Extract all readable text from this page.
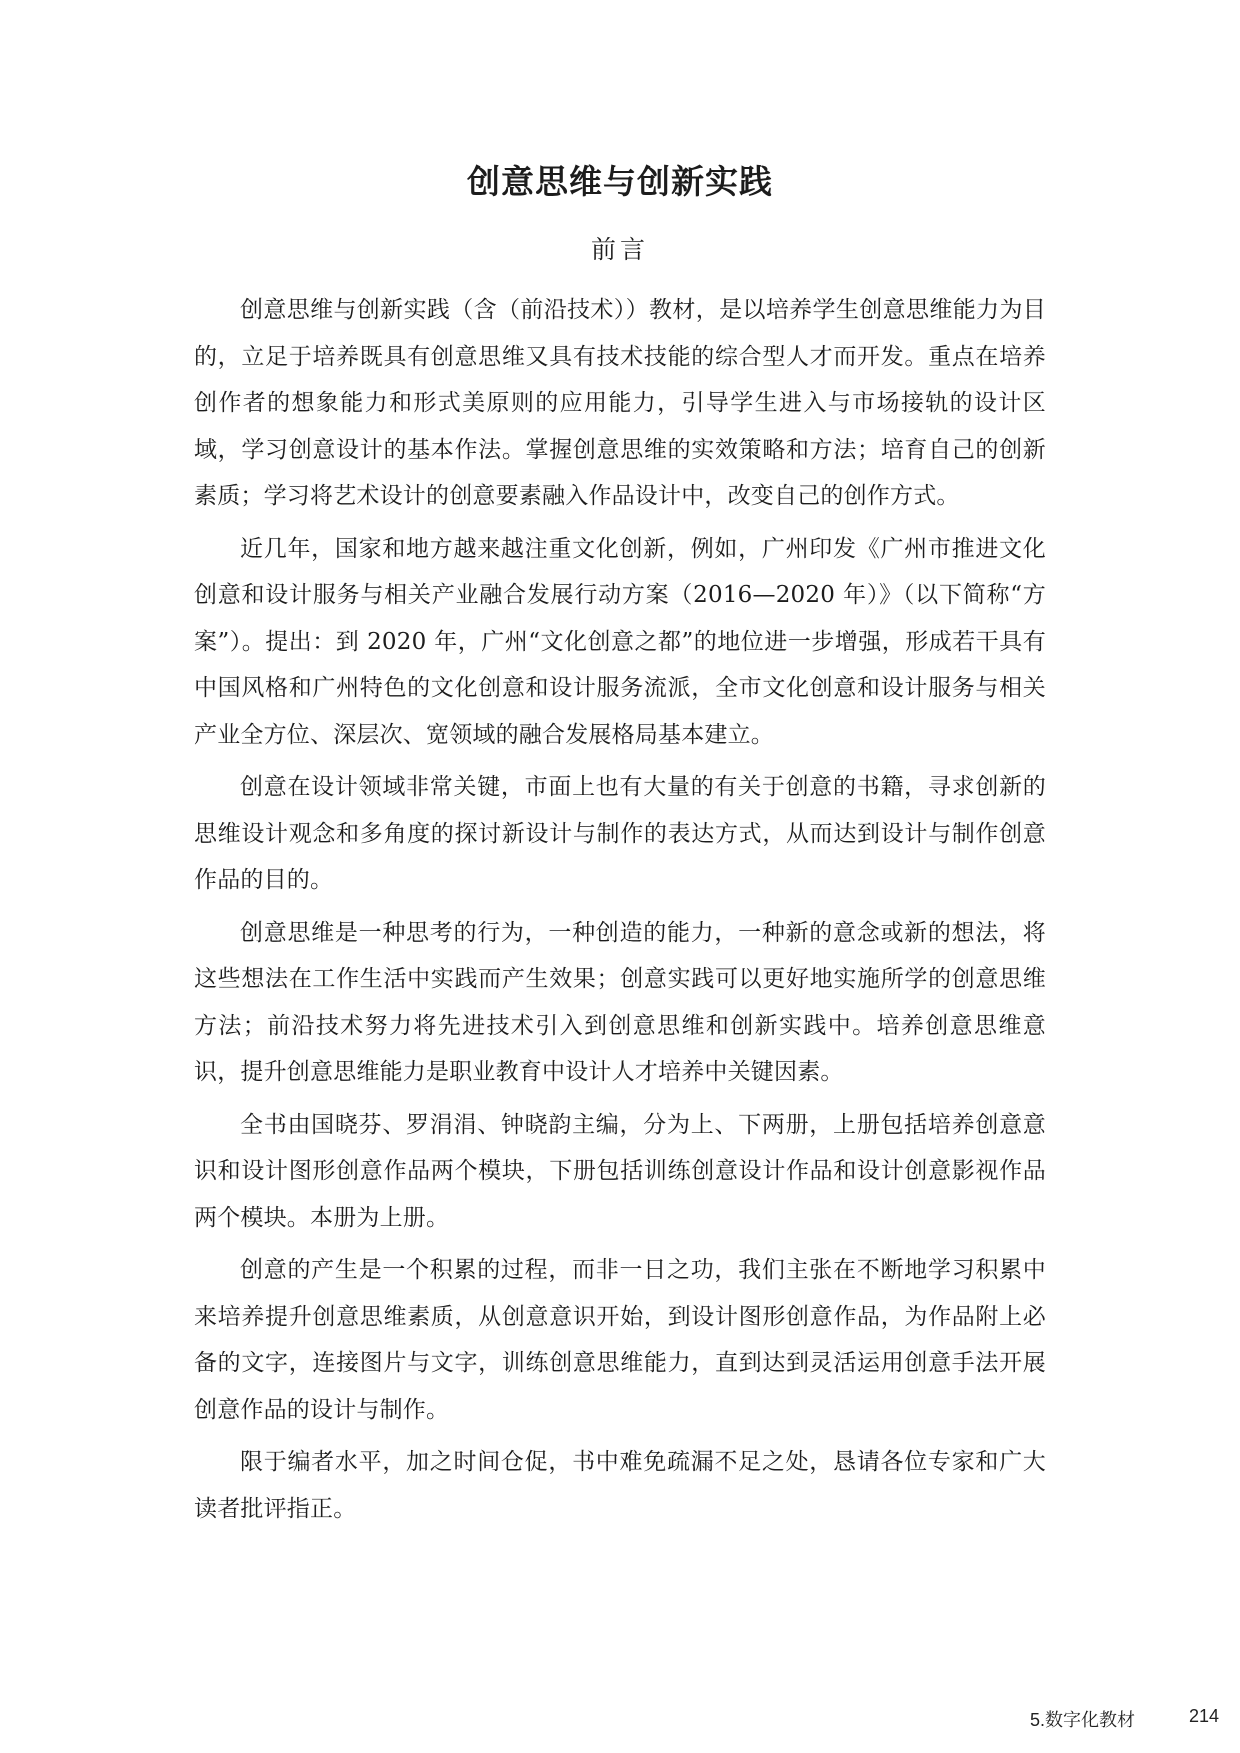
创意思维与创新实践
前言

创意思维与创新实践（含（前沿技术））教材，是以培养学生创意思维能力为目的，立足于培养既具有创意思维又具有技术技能的综合型人才而开发。重点在培养创作者的想象能力和形式美原则的应用能力，引导学生进入与市场接轨的设计区域，学习创意设计的基本作法。掌握创意思维的实效策略和方法；培育自己的创新素质；学习将艺术设计的创意要素融入作品设计中，改变自己的创作方式。

近几年，国家和地方越来越注重文化创新，例如，广州印发《广州市推进文化创意和设计服务与相关产业融合发展行动方案（2016—2020 年）》（以下简称“方案”）。提出：到 2020 年，广州“文化创意之都”的地位进一步增强，形成若干具有中国风格和广州特色的文化创意和设计服务流派，全市文化创意和设计服务与相关产业全方位、深层次、宽领域的融合发展格局基本建立。

创意在设计领域非常关键，市面上也有大量的有关于创意的书籍，寻求创新的思维设计观念和多角度的探讨新设计与制作的表达方式，从而达到设计与制作创意作品的目的。

创意思维是一种思考的行为，一种创造的能力，一种新的意念或新的想法，将这些想法在工作生活中实践而产生效果；创意实践可以更好地实施所学的创意思维方法；前沿技术努力将先进技术引入到创意思维和创新实践中。培养创意思维意识，提升创意思维能力是职业教育中设计人才培养中关键因素。

全书由国晓芬、罗涓涓、钟晓韵主编，分为上、下两册，上册包括培养创意意识和设计图形创意作品两个模块，下册包括训练创意设计作品和设计创意影视作品两个模块。本册为上册。

创意的产生是一个积累的过程，而非一日之功，我们主张在不断地学习积累中来培养提升创意思维素质，从创意意识开始，到设计图形创意作品，为作品附上必备的文字，连接图片与文字，训练创意思维能力，直到达到灵活运用创意手法开展创意作品的设计与制作。

限于编者水平，加之时间仓促，书中难免疏漏不足之处，恳请各位专家和广大读者批评指正。

5.数字化教材	214
